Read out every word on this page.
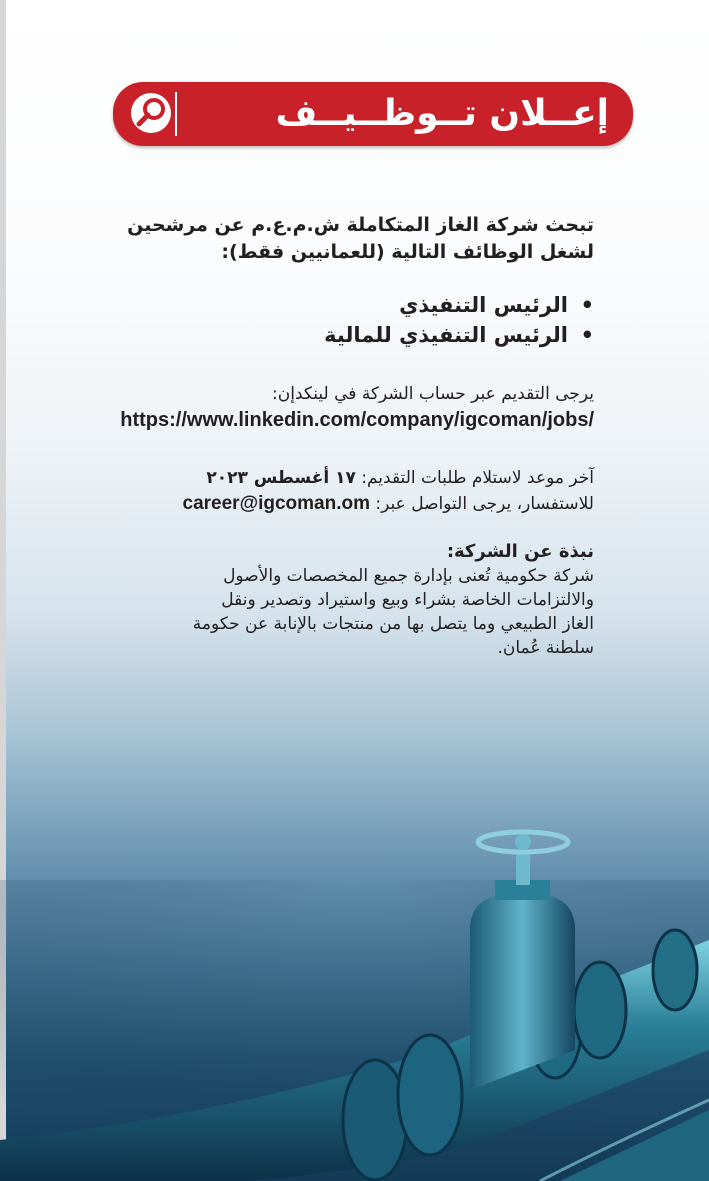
إعــلان تــوظــيــف
تبحث شركة الغاز المتكاملة ش.م.ع.م عن مرشحين
لشغل الوظائف التالية (للعمانيين فقط):
•
الرئيس التنفيذي
•
الرئيس التنفيذي للمالية
يرجى التقديم عبر حساب الشركة في لينكدإن:
https://www.linkedin.com/company/igcoman/jobs/
آخر موعد لاستلام طلبات التقديم: ١٧ أغسطس ٢٠٢٣
للاستفسار، يرجى التواصل عبر: career@igcoman.om
نبذة عن الشركة:
شركة حكومية تُعنى بإدارة جميع المخصصات والأصول
والالتزامات الخاصة بشراء وبيع واستيراد وتصدير ونقل
الغاز الطبيعي وما يتصل بها من منتجات بالإنابة عن حكومة
سلطنة عُمان.
